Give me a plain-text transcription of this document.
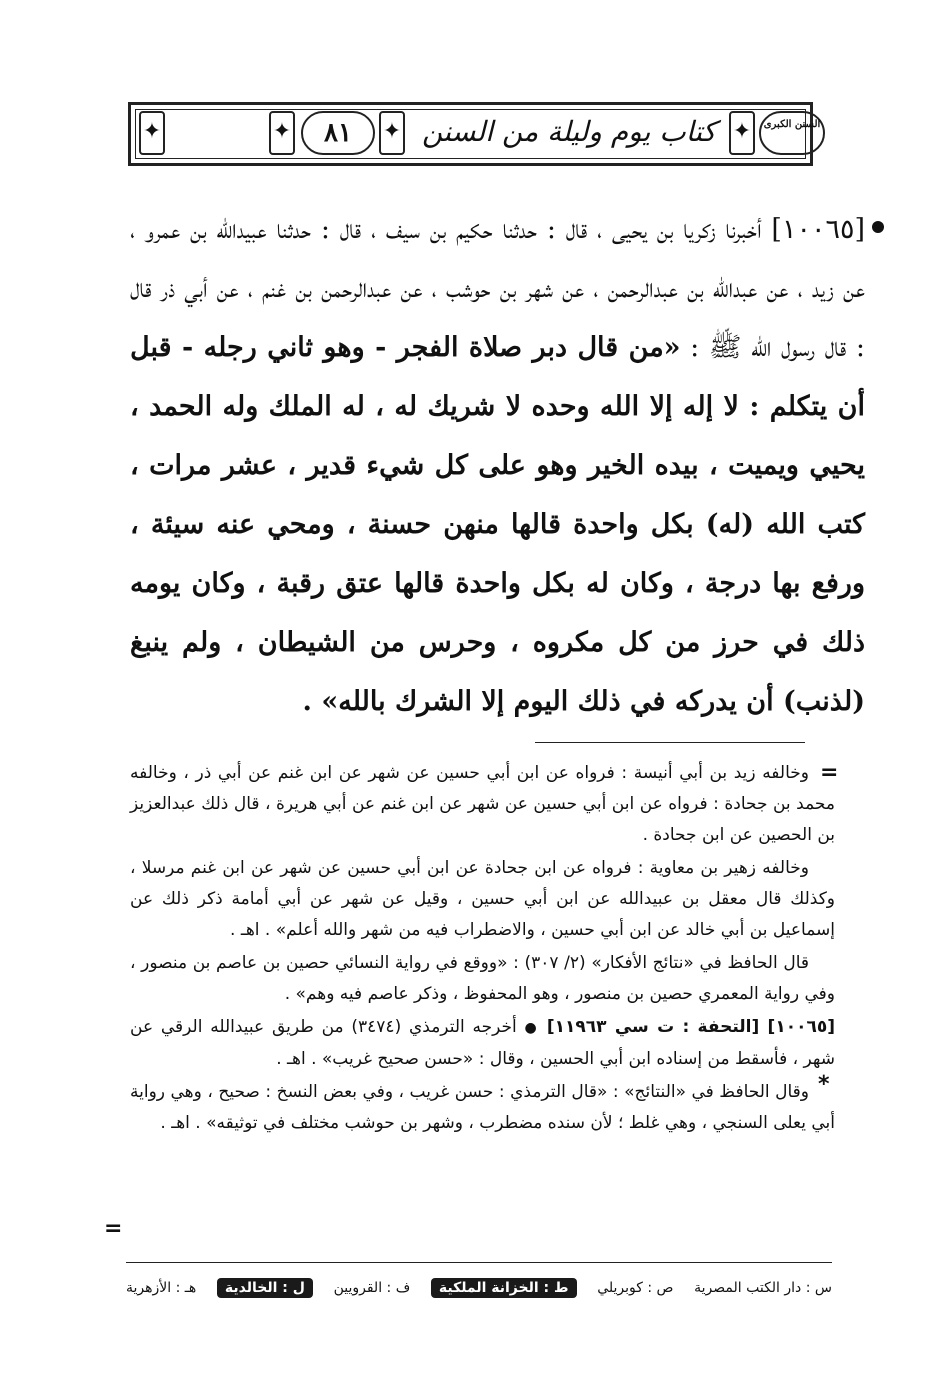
✦	✦	٨١	✦ كتاب يوم وليلة من السنن ✦	السنن الكبرى
[١٠٠٦٥] أخبرنا زكريا بن يحيى ، قال : حدثنا حكيم بن سيف ، قال : حدثنا عبيدالله بن عمرو ، عن زيد ، عن عبدالله بن عبدالرحمن ، عن شهر بن حوشب ، عن عبدالرحمن بن غنم ، عن أبي ذر قال : قال رسول الله ﷺ : «من قال دبر صلاة الفجر - وهو ثاني رجله - قبل أن يتكلم : لا إله إلا الله وحده لا شريك له ، له الملك وله الحمد ، يحيي ويميت ، بيده الخير وهو على كل شيء قدير ، عشر مرات ، كتب الله (له) بكل واحدة قالها منهن حسنة ، ومحي عنه سيئة ، ورفع بها درجة ، وكان له بكل واحدة قالها عتق رقبة ، وكان يومه ذلك في حرز من كل مكروه ، وحرس من الشيطان ، ولم ينبغ (لذنب) أن يدركه في ذلك اليوم إلا الشرك بالله» .
=

وخالفه زيد بن أبي أنيسة : فرواه عن ابن أبي حسين عن شهر عن ابن غنم عن أبي ذر ، وخالفه محمد بن جحادة : فرواه عن ابن أبي حسين عن شهر عن ابن غنم عن أبي هريرة ، قال ذلك عبدالعزيز بن الحصين عن ابن جحادة .

وخالفه زهير بن معاوية : فرواه عن ابن جحادة عن ابن أبي حسين عن شهر عن ابن غنم مرسلا ، وكذلك قال معقل بن عبيدالله عن ابن أبي حسين ، وقيل عن شهر عن أبي أمامة ذكر ذلك عن إسماعيل بن أبي خالد عن ابن أبي حسين ، والاضطراب فيه من شهر والله أعلم» . اهـ .

قال الحافظ في «نتائج الأفكار» (٢/ ٣٠٧) : «ووقع في رواية النسائي حصين بن عاصم بن منصور ، وفي رواية المعمري حصين بن منصور ، وهو المحفوظ ، وذكر عاصم فيه وهم» .

[١٠٠٦٥] [التحفة : ت سي ١١٩٦٣] ● أخرجه الترمذي (٣٤٧٤) من طريق عبيدالله الرقي عن شهر ، فأسقط من إسناده ابن أبي الحسين ، وقال : «حسن صحيح غريب» . اهـ .

وقال الحافظ في «النتائج» : «قال الترمذي : حسن غريب ، وفي بعض النسخ : صحيح ، وهي رواية أبي يعلى السنجي ، وهي غلط ؛ لأن سنده مضطرب ، وشهر بن حوشب مختلف في توثيقه» . اهـ .

*
=
س : دار الكتب المصرية
ص : كوبريلي
ط : الخزانة الملكية
ف : القرويين
ل : الخالدية
هـ : الأزهرية
